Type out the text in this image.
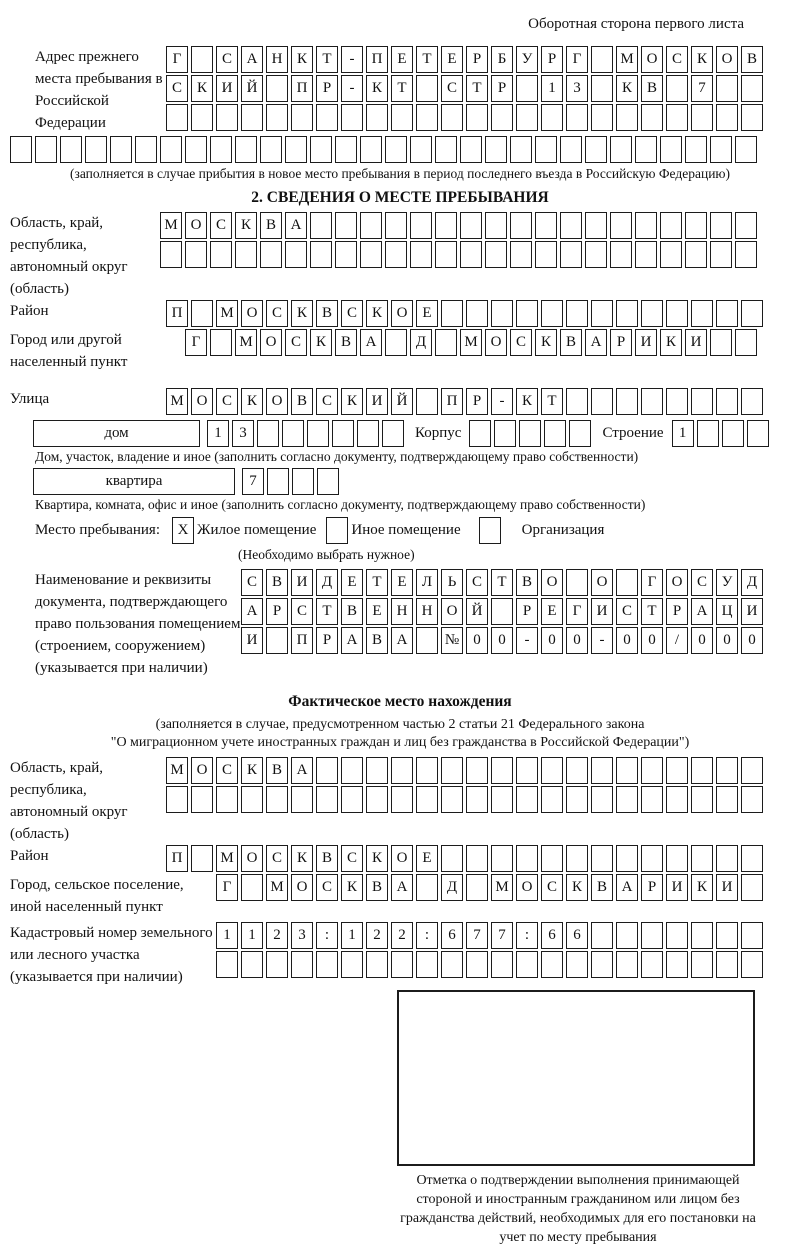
Оборотная сторона первого листа
Адрес прежнего места пребывания в Российской Федерации
Г	С А Н К Т - П Е Т Е Р Б У Р Г	М О С К О В
С К И Й	П Р - К Т	С Т Р	1 3	К В	7
(заполняется в случае прибытия в новое место пребывания в период последнего въезда в Российскую Федерацию)
2. СВЕДЕНИЯ О МЕСТЕ ПРЕБЫВАНИЯ
Область, край, республика, автономный округ (область)
М О С К В А
Район	П	М О С К В С К О Е
Город или другой населенный пункт
Г	М О С К В А	Д	М О С К В А Р И К И
Улица	М О С К О В С К И Й	П Р - К Т
дом	1 3	Корпус	Строение	1
Дом, участок, владение и иное (заполнить согласно документу, подтверждающему право собственности)
квартира	7
Квартира, комната, офис и иное (заполнить согласно документу, подтверждающему право собственности)
Место пребывания:	X Жилое помещение Иное помещение	Организация
(Необходимо выбрать нужное)
Наименование и реквизиты документа, подтверждающего право пользования помещением (строением, сооружением) (указывается при наличии)
С В И Д Е Т Е Л Ь С Т В О	О	Г О С У Д
А Р С Т В Е Н Н О Й	Р Е Г И С Т Р А Ц И
И	П Р А В А № 0 0 - 0 0 - 0 0 / 0 0 0
Фактическое место нахождения
(заполняется в случае, предусмотренном частью 2 статьи 21 Федерального закона
"О миграционном учете иностранных граждан и лиц без гражданства в Российской Федерации")
Область, край, республика, автономный округ (область)
М О С К В А
Район	П	М О С К В С К О Е
Город, сельское поселение, иной населенный пункт
Г	М О С К В А	Д	М О С К В А Р И К И
Кадастровый номер земельного или лесного участка (указывается при наличии)
1 1 2 3 : 1 2 2 : 6 7 7 : 6 6
Отметка о подтверждении выполнения принимающей стороной и иностранным гражданином или лицом без гражданства действий, необходимых для его постановки на учет по месту пребывания
